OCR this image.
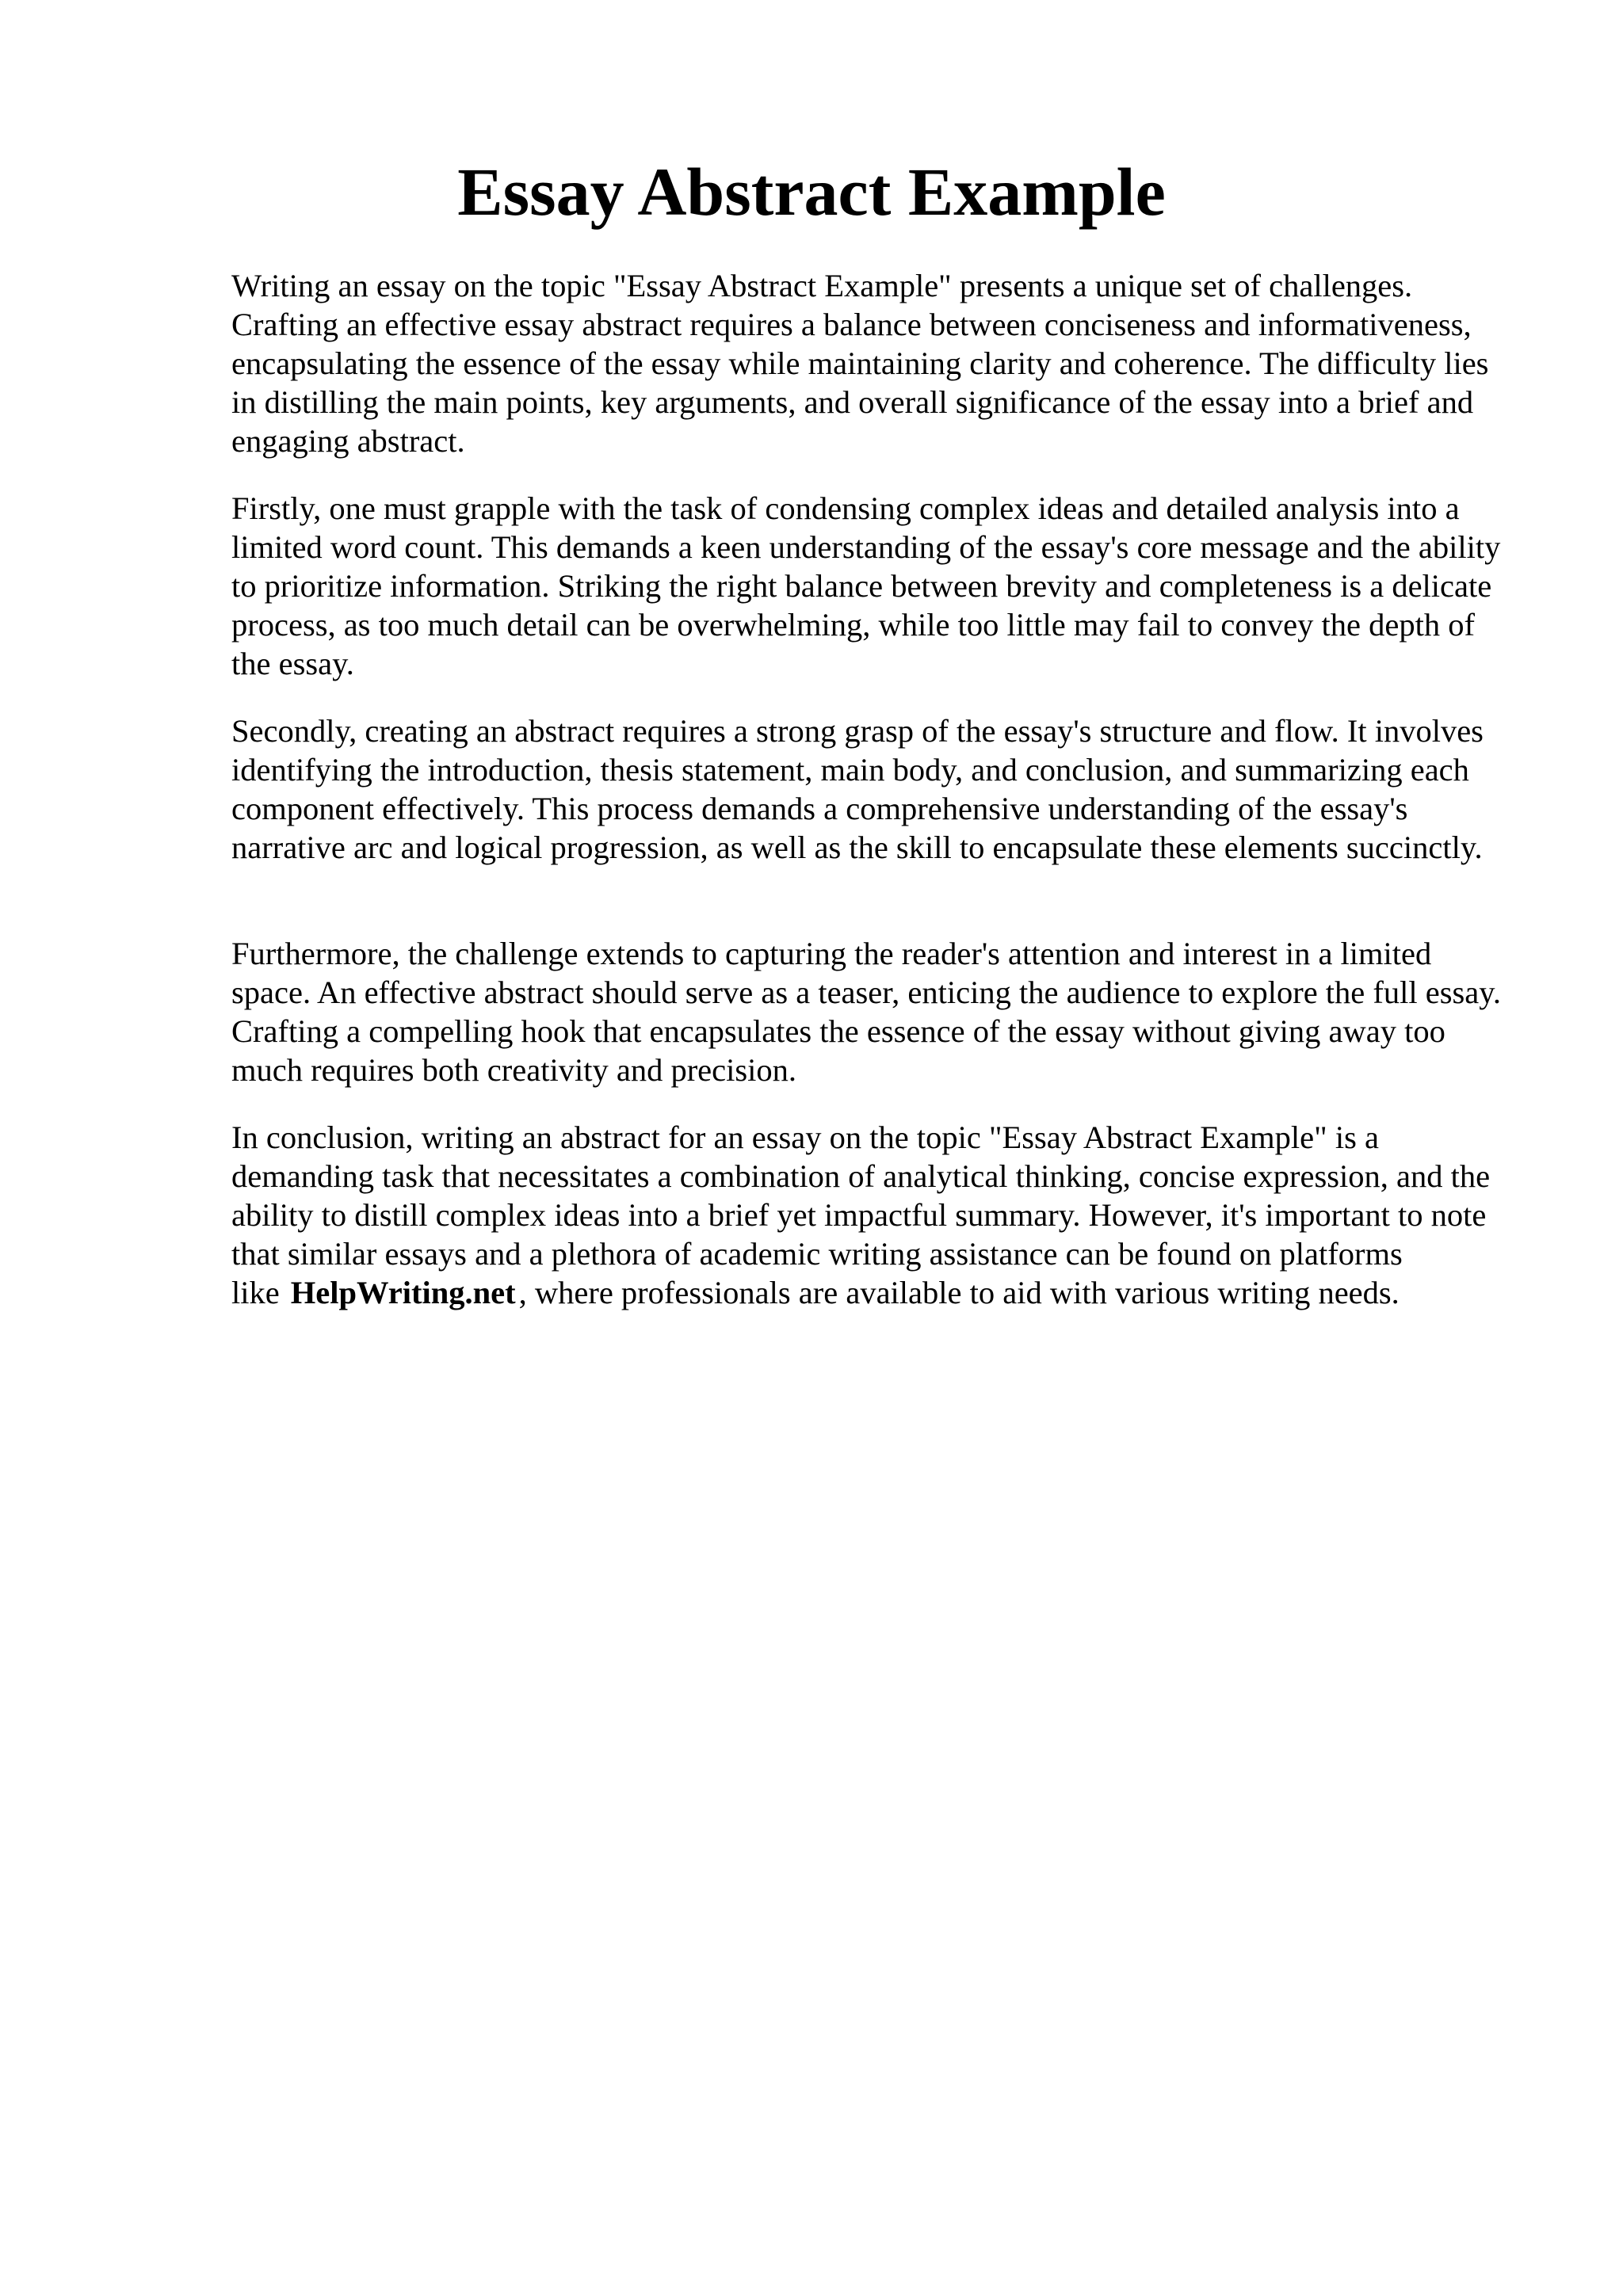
Essay Abstract Example

Writing an essay on the topic "Essay Abstract Example" presents a unique set of challenges. Crafting an effective essay abstract requires a balance between conciseness and informativeness, encapsulating the essence of the essay while maintaining clarity and coherence. The difficulty lies in distilling the main points, key arguments, and overall significance of the essay into a brief and engaging abstract.

Firstly, one must grapple with the task of condensing complex ideas and detailed analysis into a limited word count. This demands a keen understanding of the essay's core message and the ability to prioritize information. Striking the right balance between brevity and completeness is a delicate process, as too much detail can be overwhelming, while too little may fail to convey the depth of the essay.

Secondly, creating an abstract requires a strong grasp of the essay's structure and flow. It involves identifying the introduction, thesis statement, main body, and conclusion, and summarizing each component effectively. This process demands a comprehensive understanding of the essay's narrative arc and logical progression, as well as the skill to encapsulate these elements succinctly.

Furthermore, the challenge extends to capturing the reader's attention and interest in a limited space. An effective abstract should serve as a teaser, enticing the audience to explore the full essay. Crafting a compelling hook that encapsulates the essence of the essay without giving away too much requires both creativity and precision.

In conclusion, writing an abstract for an essay on the topic "Essay Abstract Example" is a demanding task that necessitates a combination of analytical thinking, concise expression, and the ability to distill complex ideas into a brief yet impactful summary. However, it's important to note that similar essays and a plethora of academic writing assistance can be found on platforms like HelpWriting.net, where professionals are available to aid with various writing needs.
